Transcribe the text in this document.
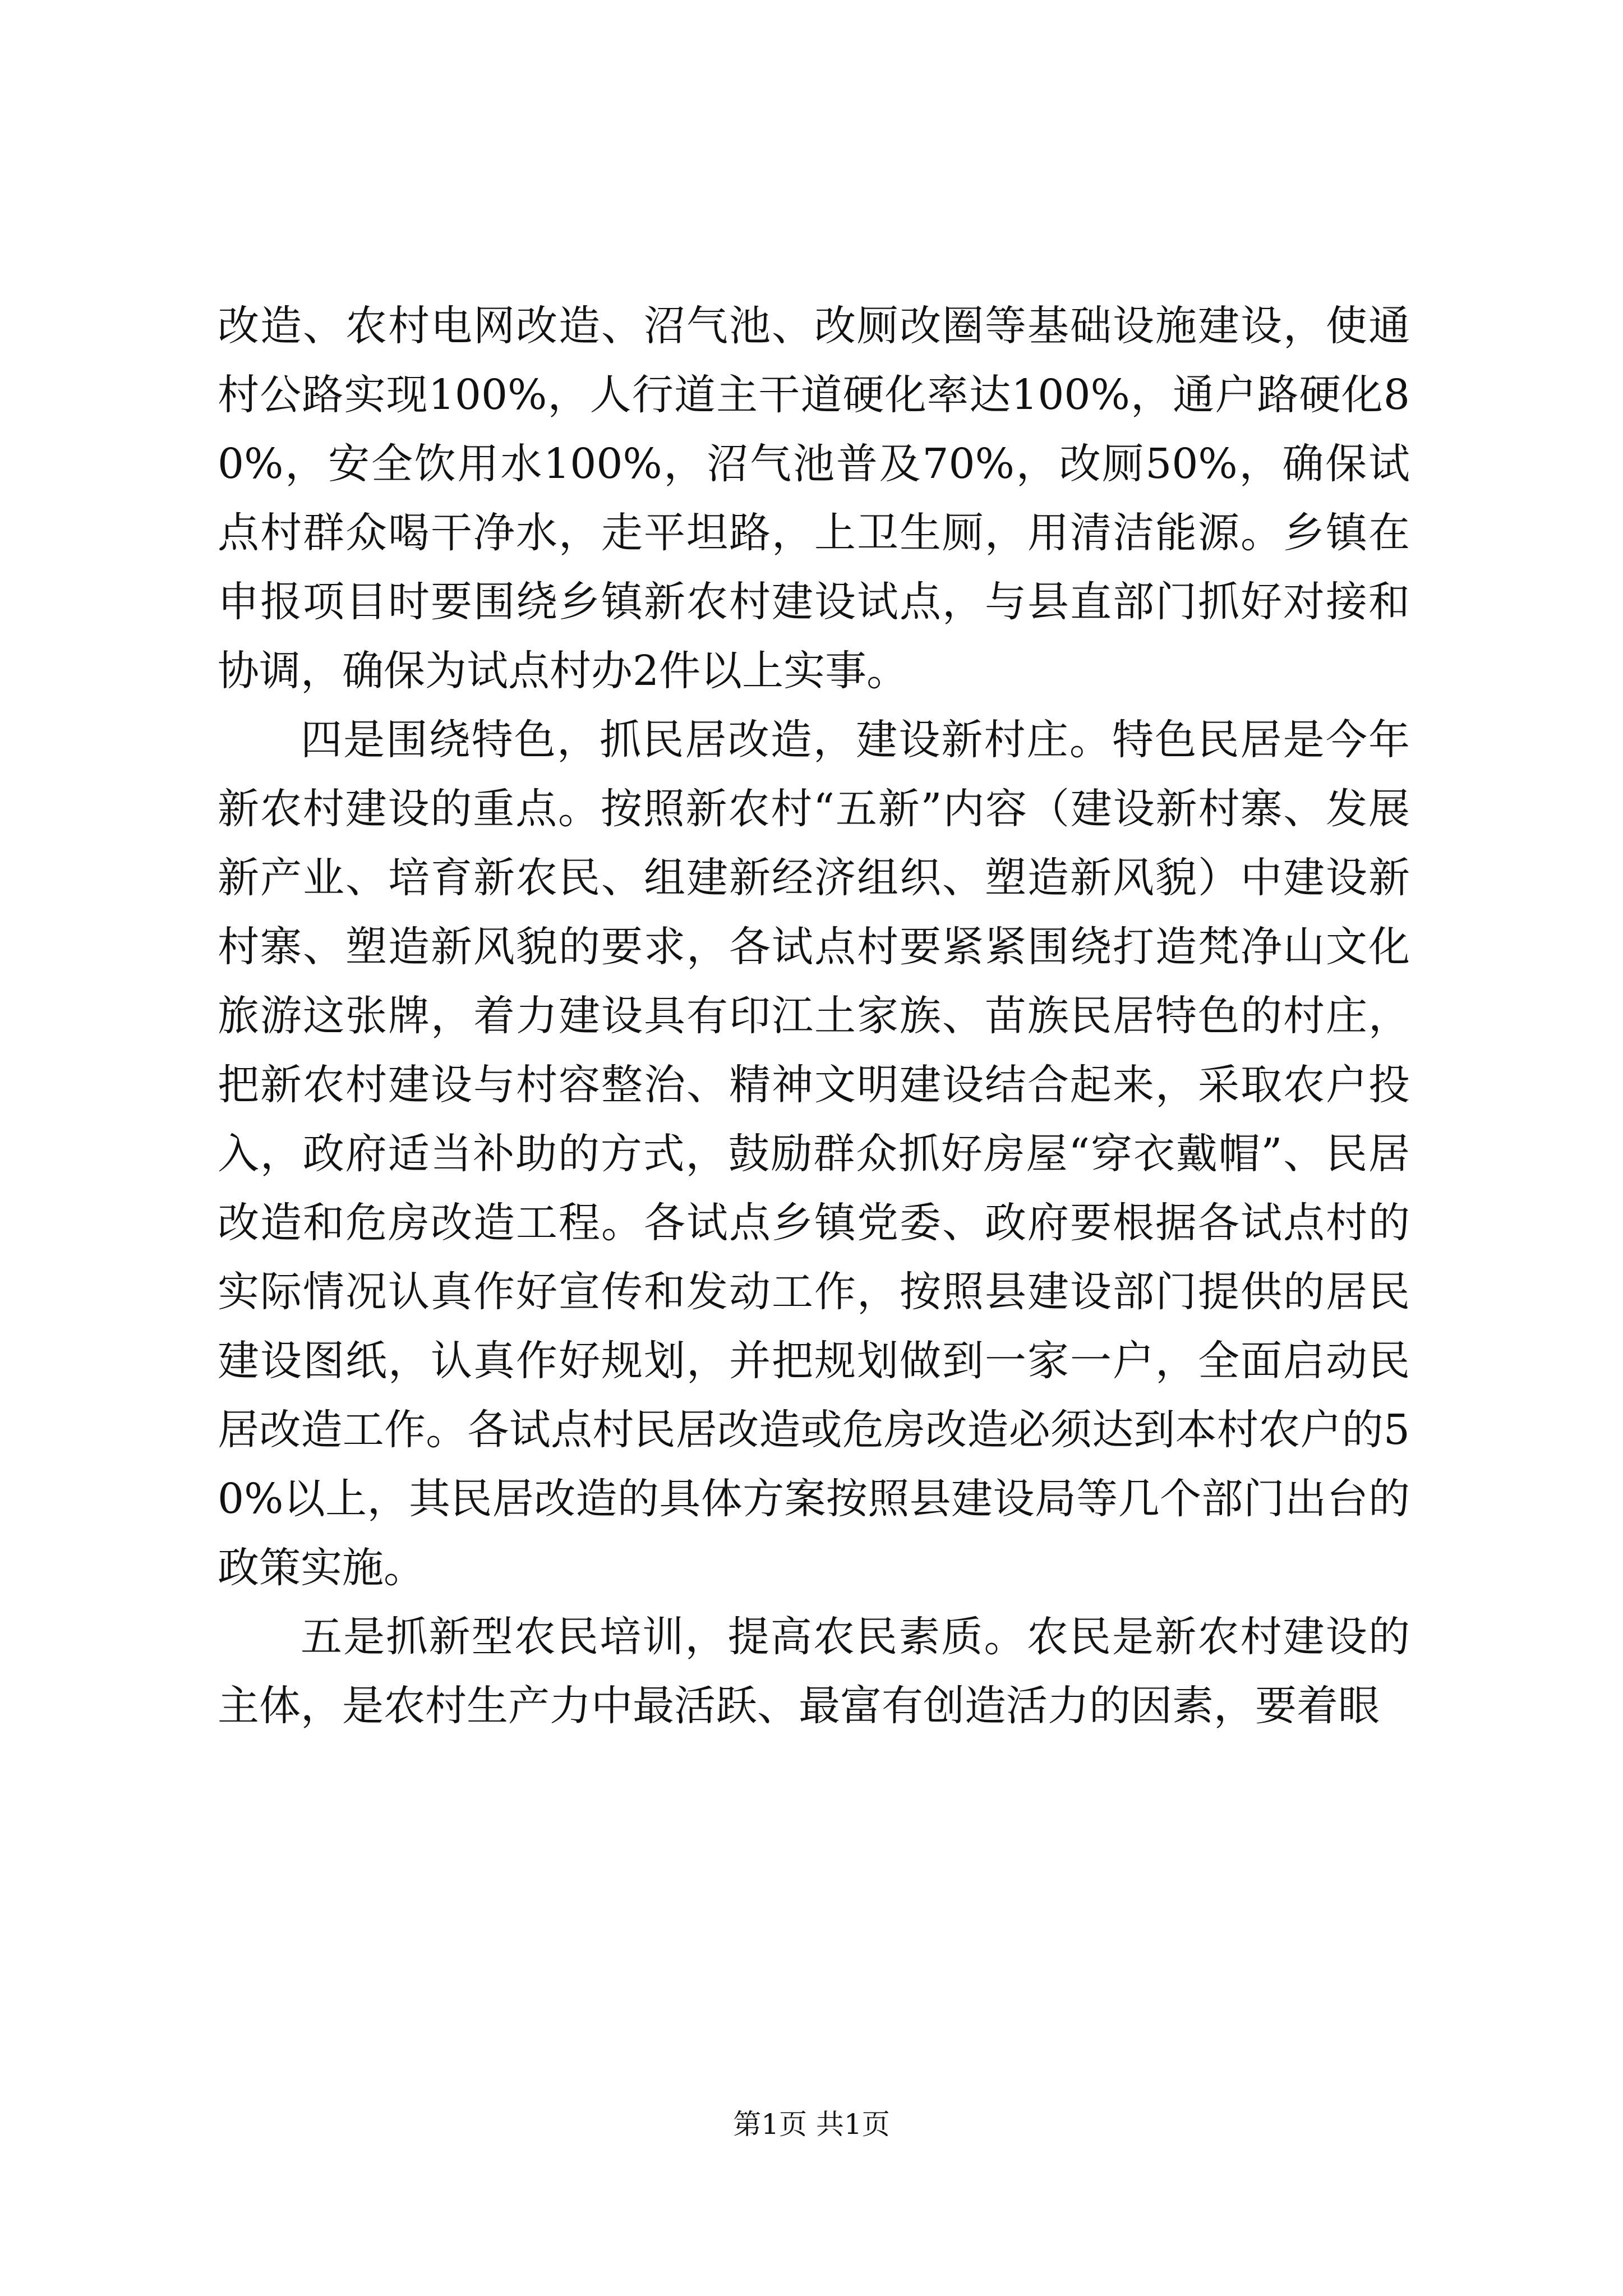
改造、农村电网改造、沼气池、改厕改圈等基础设施建设，使通村公路实现100%，人行道主干道硬化率达100%，通户路硬化80%，安全饮用水100%，沼气池普及70%，改厕50%，确保试点村群众喝干净水，走平坦路，上卫生厕，用清洁能源。乡镇在申报项目时要围绕乡镇新农村建设试点，与县直部门抓好对接和协调，确保为试点村办2件以上实事。

四是围绕特色，抓民居改造，建设新村庄。特色民居是今年新农村建设的重点。按照新农村“五新”内容（建设新村寨、发展新产业、培育新农民、组建新经济组织、塑造新风貌）中建设新村寨、塑造新风貌的要求，各试点村要紧紧围绕打造梵净山文化旅游这张牌，着力建设具有印江土家族、苗族民居特色的村庄，把新农村建设与村容整治、精神文明建设结合起来，采取农户投入，政府适当补助的方式，鼓励群众抓好房屋“穿衣戴帽”、民居改造和危房改造工程。各试点乡镇党委、政府要根据各试点村的实际情况认真作好宣传和发动工作，按照县建设部门提供的居民建设图纸，认真作好规划，并把规划做到一家一户，全面启动民居改造工作。各试点村民居改造或危房改造必须达到本村农户的50%以上，其民居改造的具体方案按照县建设局等几个部门出台的政策实施。

五是抓新型农民培训，提高农民素质。农民是新农村建设的主体，是农村生产力中最活跃、最富有创造活力的因素，要着眼

第1页 共1页
